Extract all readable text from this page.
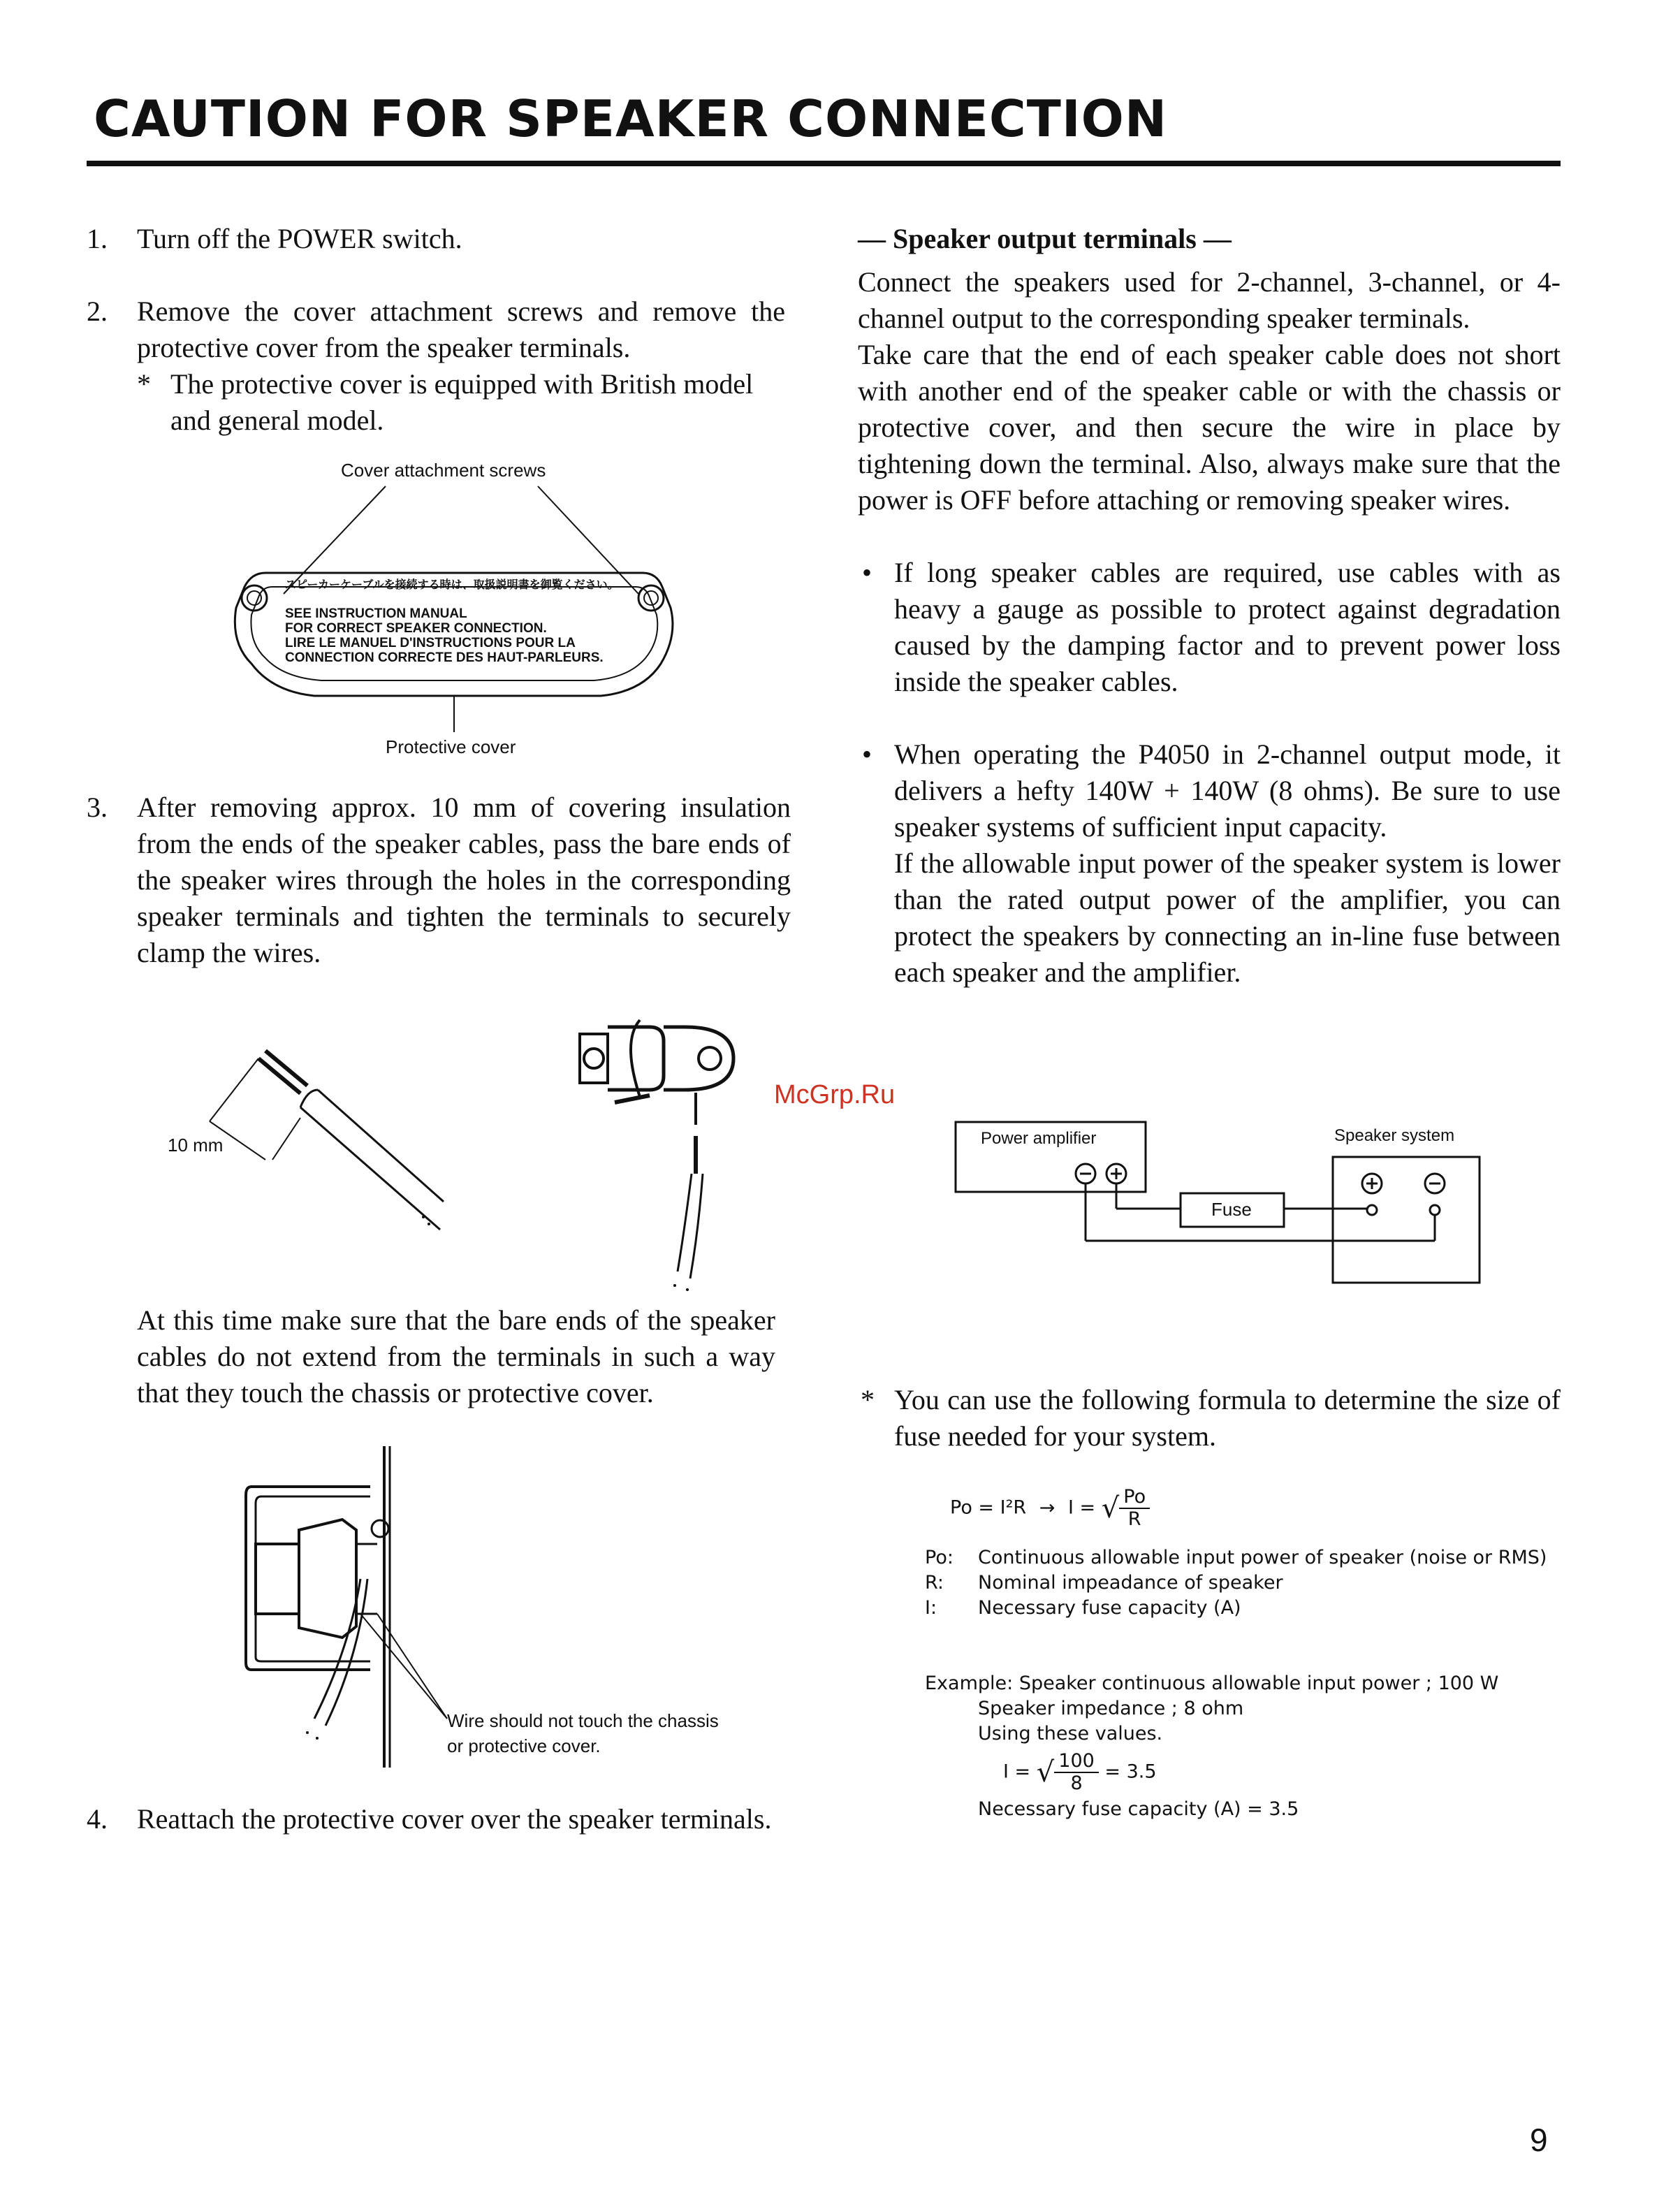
CAUTION FOR SPEAKER CONNECTION
1. Turn off the POWER switch.
2. Remove the cover attachment screws and remove the protective cover from the speaker terminals.
* The protective cover is equipped with British model and general model.
Cover attachment screws
スピーカーケーブルを接続する時は、取扱説明書を御覧ください。
SEE INSTRUCTION MANUAL
FOR CORRECT SPEAKER CONNECTION.
LIRE LE MANUEL D'INSTRUCTIONS POUR LA
CONNECTION CORRECTE DES HAUT-PARLEURS.
Protective cover
3. After removing approx. 10 mm of covering insulation from the ends of the speaker cables, pass the bare ends of the speaker wires through the holes in the corresponding speaker terminals and tighten the terminals to securely clamp the wires.
10 mm
McGrp.Ru
At this time make sure that the bare ends of the speaker cables do not extend from the terminals in such a way that they touch the chassis or protective cover.
Wire should not touch the chassis
or protective cover.
4. Reattach the protective cover over the speaker terminals.
— Speaker output terminals —
Connect the speakers used for 2-channel, 3-channel, or 4-channel output to the corresponding speaker terminals.
Take care that the end of each speaker cable does not short with another end of the speaker cable or with the chassis or protective cover, and then secure the wire in place by tightening down the terminal. Also, always make sure that the power is OFF before attaching or removing speaker wires.
• If long speaker cables are required, use cables with as heavy a gauge as possible to protect against degradation caused by the damping factor and to prevent power loss inside the speaker cables.
• When operating the P4050 in 2-channel output mode, it delivers a hefty 140W + 140W (8 ohms). Be sure to use speaker systems of sufficient input capacity.
If the allowable input power of the speaker system is lower than the rated output power of the amplifier, you can protect the speakers by connecting an in-line fuse between each speaker and the amplifier.
Power amplifier	Speaker system
Fuse
* You can use the following formula to determine the size of fuse needed for your system.
Po = I²R → I = √ $\frac{Po}{R}$
Po: Continuous allowable input power of speaker (noise or RMS)
R: Nominal impeadance of speaker
I: Necessary fuse capacity (A)
Example: Speaker continuous allowable input power ; 100 W
Speaker impedance ; 8 ohm
Using these values.
I = √ $\frac{100}{8} = 3.5$
Necessary fuse capacity (A) = 3.5
9
